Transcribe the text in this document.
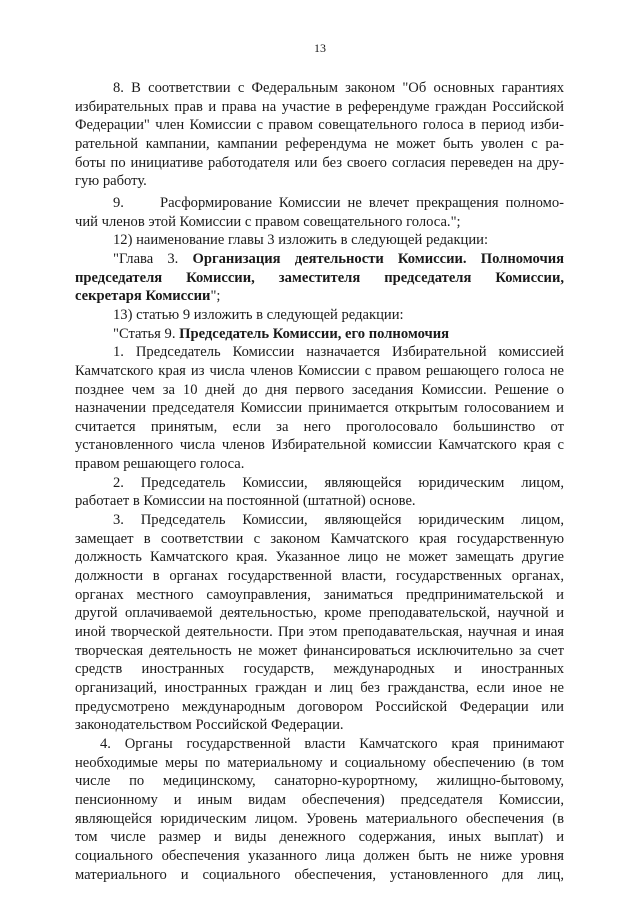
13
8. В соответствии с Федеральным законом "Об основных гарантиях
избирательных прав и права на участие в референдуме граждан Российской
Федерации" член Комиссии с правом совещательного голоса в период изби-
рательной кампании, кампании референдума не может быть уволен с ра-
боты по инициативе работодателя или без своего согласия переведен на дру-
гую работу.
9. Расформирование Комиссии не влечет прекращения полномо-
чий членов этой Комиссии с правом совещательного голоса.";
12) наименование главы 3 изложить в следующей редакции:
"Глава 3. Организация деятельности Комиссии. Полномочия
председателя Комиссии, заместителя председателя Комиссии,
секретаря Комиссии";
13) статью 9 изложить в следующей редакции:
"Статья 9. Председатель Комиссии, его полномочия
1. Председатель Комиссии назначается Избирательной комиссией
Камчатского края из числа членов Комиссии с правом решающего голоса не
позднее чем за 10 дней до дня первого заседания Комиссии. Решение о
назначении председателя Комиссии принимается открытым голосованием и
считается принятым, если за него проголосовало большинство от
установленного числа членов Избирательной комиссии Камчатского края с
правом решающего голоса.
2. Председатель Комиссии, являющейся юридическим лицом,
работает в Комиссии на постоянной (штатной) основе.
3. Председатель Комиссии, являющейся юридическим лицом,
замещает в соответствии с законом Камчатского края государственную
должность Камчатского края. Указанное лицо не может замещать другие
должности в органах государственной власти, государственных органах,
органах местного самоуправления, заниматься предпринимательской и
другой оплачиваемой деятельностью, кроме преподавательской, научной и
иной творческой деятельности. При этом преподавательская, научная и иная
творческая деятельность не может финансироваться исключительно за счет
средств иностранных государств, международных и иностранных
организаций, иностранных граждан и лиц без гражданства, если иное не
предусмотрено международным договором Российской Федерации или
законодательством Российской Федерации.
4. Органы государственной власти Камчатского края принимают
необходимые меры по материальному и социальному обеспечению (в том
числе по медицинскому, санаторно-курортному, жилищно-бытовому,
пенсионному и иным видам обеспечения) председателя Комиссии,
являющейся юридическим лицом. Уровень материального обеспечения (в
том числе размер и виды денежного содержания, иных выплат) и
социального обеспечения указанного лица должен быть не ниже уровня
материального и социального обеспечения, установленного для лиц,
